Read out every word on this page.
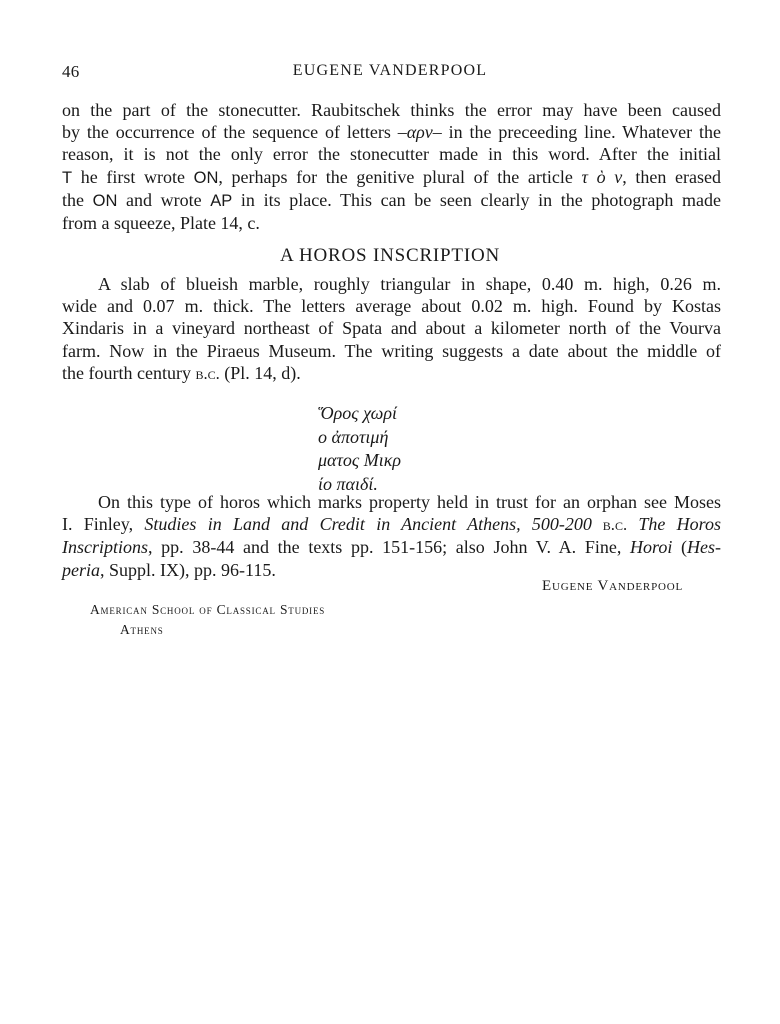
46	EUGENE VANDERPOOL
on the part of the stonecutter. Raubitschek thinks the error may have been caused
by the occurrence of the sequence of letters –αρν– in the preceeding line. Whatever the
reason, it is not the only error the stonecutter made in this word. After the initial
T he first wrote ON, perhaps for the genitive plural of the article τ ὸ ν, then erased
the ON and wrote AP in its place. This can be seen clearly in the photograph made
from a squeeze, Plate 14, c.
A HOROS INSCRIPTION
A slab of blueish marble, roughly triangular in shape, 0.40 m. high, 0.26 m.
wide and 0.07 m. thick. The letters average about 0.02 m. high. Found by Kostas
Xindaris in a vineyard northeast of Spata and about a kilometer north of the Vourva
farm. Now in the Piraeus Museum. The writing suggests a date about the middle of
the fourth century b.c. (Pl. 14, d).
Ὅρος χωρί
ο ἀποτιμή
ματος Μικρ
ίο παιδί.
On this type of horos which marks property held in trust for an orphan see Moses
I. Finley, Studies in Land and Credit in Ancient Athens, 500-200 b.c. The Horos
Inscriptions, pp. 38-44 and the texts pp. 151-156; also John V. A. Fine, Horoi (Hes-
peria, Suppl. IX), pp. 96-115.
Eugene Vanderpool
American School of Classical Studies
Athens
